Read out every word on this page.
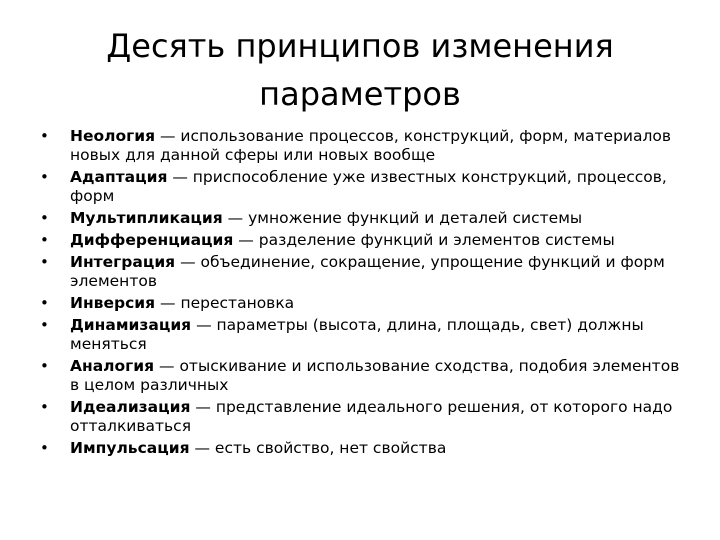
Десять принципов изменения параметров
•	Неология — использование процессов, конструкций, форм, материалов новых для данной сферы или новых вообще
•	Адаптация — приспособление уже известных конструкций, процессов, форм
•	Мультипликация — умножение функций и деталей системы
•	Дифференциация — разделение функций и элементов системы
•	Интеграция — объединение, сокращение, упрощение функций и форм элементов
•	Инверсия — перестановка
•	Динамизация — параметры (высота, длина, площадь, свет) должны меняться
•	Аналогия — отыскивание и использование сходства, подобия элементов в целом различных
•	Идеализация — представление идеального решения, от которого надо отталкиваться
•	Импульсация — есть свойство, нет свойства
